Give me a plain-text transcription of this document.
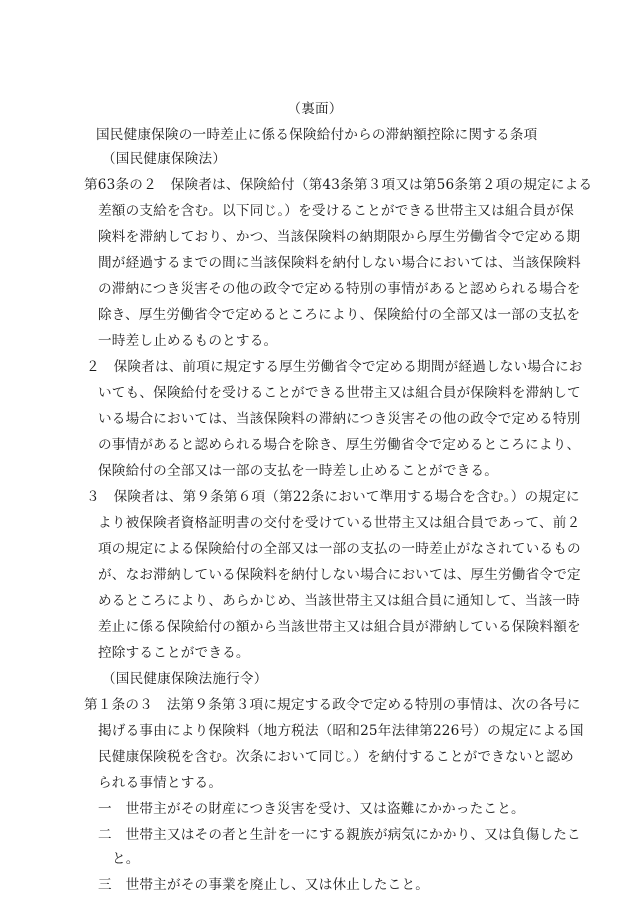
（裏面）
国民健康保険の一時差止に係る保険給付からの滞納額控除に関する条項
（国民健康保険法）
第63条の２　保険者は、保険給付（第43条第３項又は第56条第２項の規定による
差額の支給を含む。以下同じ。）を受けることができる世帯主又は組合員が保
険料を滞納しており、かつ、当該保険料の納期限から厚生労働省令で定める期
間が経過するまでの間に当該保険料を納付しない場合においては、当該保険料
の滞納につき災害その他の政令で定める特別の事情があると認められる場合を
除き、厚生労働省令で定めるところにより、保険給付の全部又は一部の支払を
一時差し止めるものとする。
２　保険者は、前項に規定する厚生労働省令で定める期間が経過しない場合にお
いても、保険給付を受けることができる世帯主又は組合員が保険料を滞納して
いる場合においては、当該保険料の滞納につき災害その他の政令で定める特別
の事情があると認められる場合を除き、厚生労働省令で定めるところにより、
保険給付の全部又は一部の支払を一時差し止めることができる。
３　保険者は、第９条第６項（第22条において準用する場合を含む。）の規定に
より被保険者資格証明書の交付を受けている世帯主又は組合員であって、前２
項の規定による保険給付の全部又は一部の支払の一時差止がなされているもの
が、なお滞納している保険料を納付しない場合においては、厚生労働省令で定
めるところにより、あらかじめ、当該世帯主又は組合員に通知して、当該一時
差止に係る保険給付の額から当該世帯主又は組合員が滞納している保険料額を
控除することができる。
（国民健康保険法施行令）
第１条の３　法第９条第３項に規定する政令で定める特別の事情は、次の各号に
掲げる事由により保険料（地方税法（昭和25年法律第226号）の規定による国
民健康保険税を含む。次条において同じ。）を納付することができないと認め
られる事情とする。
一　世帯主がその財産につき災害を受け、又は盗難にかかったこと。
二　世帯主又はその者と生計を一にする親族が病気にかかり、又は負傷したこ
と。
三　世帯主がその事業を廃止し、又は休止したこと。
